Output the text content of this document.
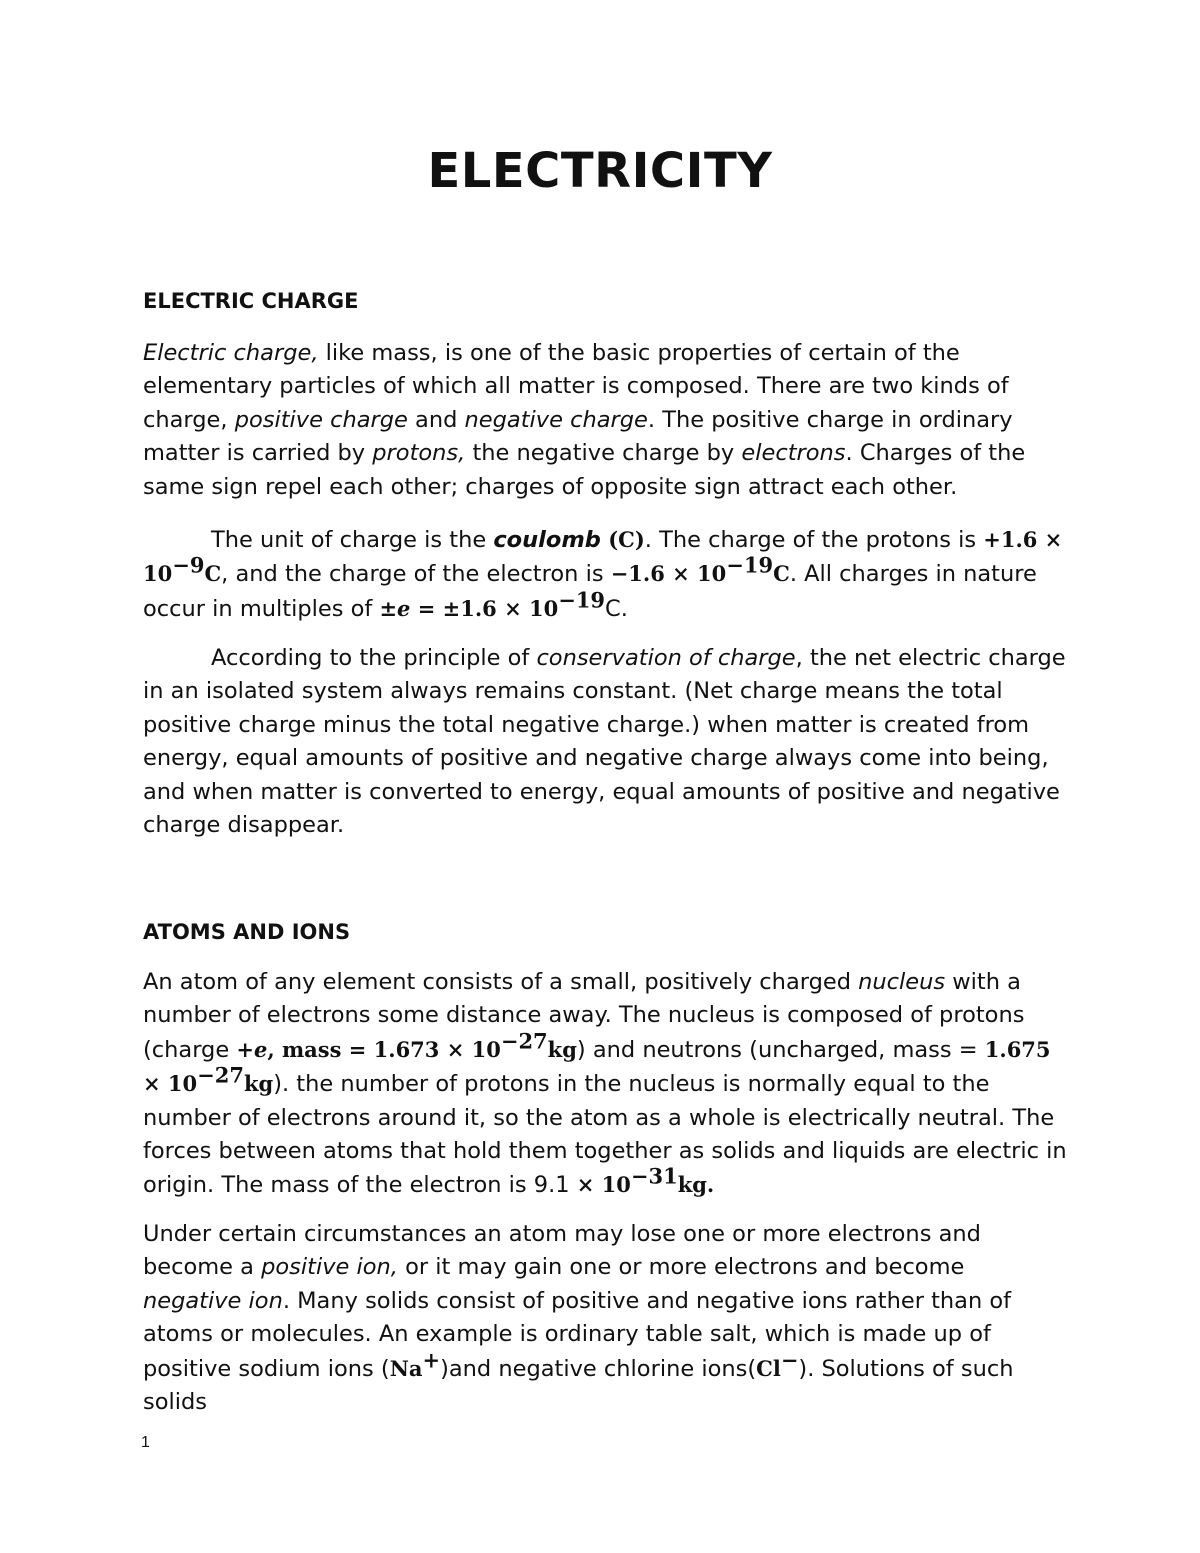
ELECTRICITY
ELECTRIC CHARGE

Electric charge, like mass, is one of the basic properties of certain of the elementary particles of which all matter is composed. There are two kinds of charge, positive charge and negative charge. The positive charge in ordinary matter is carried by protons, the negative charge by electrons. Charges of the same sign repel each other; charges of opposite sign attract each other.

The unit of charge is the coulomb (C). The charge of the protons is $+1.6 \times 10^{-9}C$, and the charge of the electron is $-1.6 \times 10^{-19}C$. All charges in nature occur in multiples of $\pm e = \pm 1.6 \times 10^{-19}C$.

According to the principle of conservation of charge, the net electric charge in an isolated system always remains constant. (Net charge means the total positive charge minus the total negative charge.) when matter is created from energy, equal amounts of positive and negative charge always come into being, and when matter is converted to energy, equal amounts of positive and negative charge disappear.

ATOMS AND IONS

An atom of any element consists of a small, positively charged nucleus with a number of electrons some distance away. The nucleus is composed of protons (charge +e, mass = $1.673 \times 10^{-27}kg$) and neutrons (uncharged, mass = $1.675 \times 10^{-27}kg$). the number of protons in the nucleus is normally equal to the number of electrons around it, so the atom as a whole is electrically neutral. The forces between atoms that hold them together as solids and liquids are electric in origin. The mass of the electron is $9.1 \times 10^{-31}kg$.

Under certain circumstances an atom may lose one or more electrons and become a positive ion, or it may gain one or more electrons and become negative ion. Many solids consist of positive and negative ions rather than of atoms or molecules. An example is ordinary table salt, which is made up of positive sodium ions (Na+)and negative chlorine ions(Cl−). Solutions of such solids

1
